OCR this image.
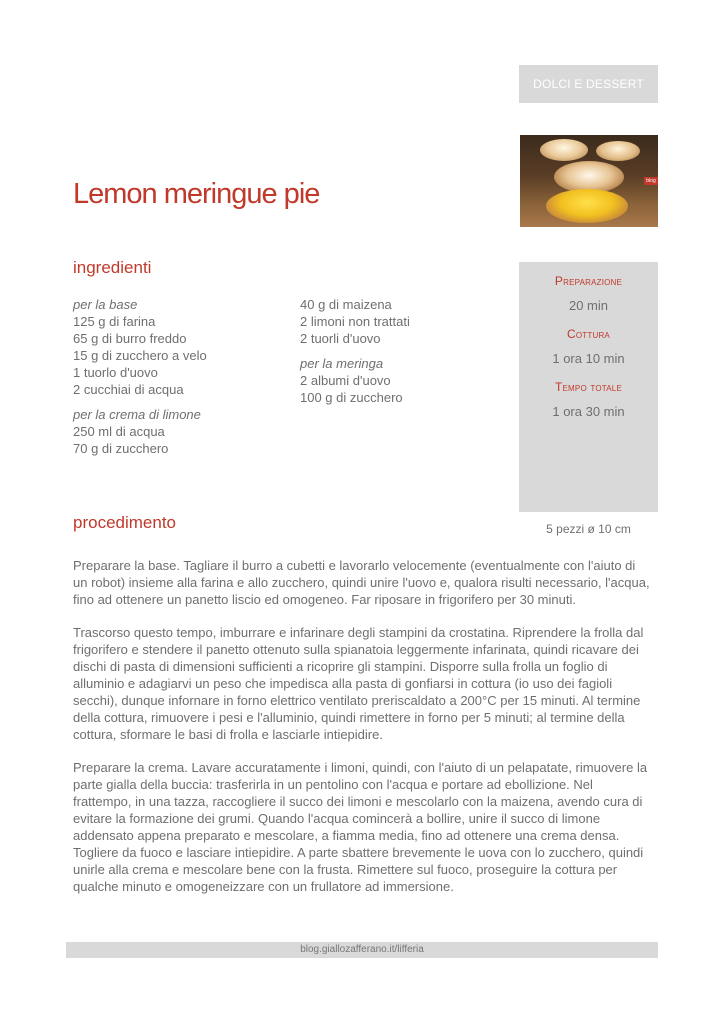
DOLCI E DESSERT
blog
Lemon meringue pie
ingredienti
per la base
125 g di farina
65 g di burro freddo
15 g di zucchero a velo
1 tuorlo d'uovo
2 cucchiai di acqua
per la crema di limone
250 ml di acqua
70 g di zucchero
40 g di maizena
2 limoni non trattati
2 tuorli d'uovo
per la meringa
2 albumi d'uovo
100 g di zucchero
Preparazione
20 min
Cottura
1 ora 10 min
Tempo totale
1 ora 30 min
procedimento	5 pezzi ø 10 cm

Preparare la base. Tagliare il burro a cubetti e lavorarlo velocemente (eventualmente con l'aiuto di un robot) insieme alla farina e allo zucchero, quindi unire l'uovo e, qualora risulti necessario, l'acqua, fino ad ottenere un panetto liscio ed omogeneo. Far riposare in frigorifero per 30 minuti.

Trascorso questo tempo, imburrare e infarinare degli stampini da crostatina. Riprendere la frolla dal frigorifero e stendere il panetto ottenuto sulla spianatoia leggermente infarinata, quindi ricavare dei dischi di pasta di dimensioni sufficienti a ricoprire gli stampini. Disporre sulla frolla un foglio di alluminio e adagiarvi un peso che impedisca alla pasta di gonfiarsi in cottura (io uso dei fagioli secchi), dunque infornare in forno elettrico ventilato preriscaldato a 200°C per 15 minuti. Al termine della cottura, rimuovere i pesi e l'alluminio, quindi rimettere in forno per 5 minuti; al termine della cottura, sformare le basi di frolla e lasciarle intiepidire.

Preparare la crema. Lavare accuratamente i limoni, quindi, con l'aiuto di un pelapatate, rimuovere la parte gialla della buccia: trasferirla in un pentolino con l'acqua e portare ad ebollizione. Nel frattempo, in una tazza, raccogliere il succo dei limoni e mescolarlo con la maizena, avendo cura di evitare la formazione dei grumi. Quando l'acqua comincerà a bollire, unire il succo di limone addensato appena preparato e mescolare, a fiamma media, fino ad ottenere una crema densa. Togliere da fuoco e lasciare intiepidire. A parte sbattere brevemente le uova con lo zucchero, quindi unirle alla crema e mescolare bene con la frusta. Rimettere sul fuoco, proseguire la cottura per qualche minuto e omogeneizzare con un frullatore ad immersione.

blog.giallozafferano.it/lifferia
